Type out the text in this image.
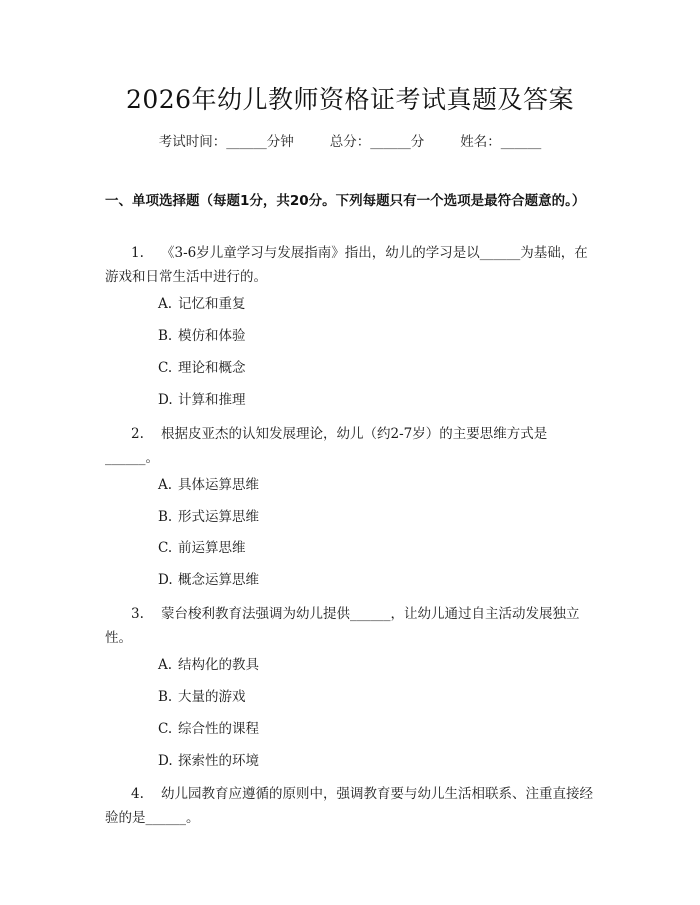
2026年幼儿教师资格证考试真题及答案
考试时间：______分钟	总分：______分	姓名：______
一、单项选择题（每题1分，共20分。下列每题只有一个选项是最符合题意的。）
1. 《3-6岁儿童学习与发展指南》指出，幼儿的学习是以______为基础，在游戏和日常生活中进行的。
A. 记忆和重复
B. 模仿和体验
C. 理论和概念
D. 计算和推理
2. 根据皮亚杰的认知发展理论，幼儿（约2-7岁）的主要思维方式是______。
A. 具体运算思维
B. 形式运算思维
C. 前运算思维
D. 概念运算思维
3. 蒙台梭利教育法强调为幼儿提供______，让幼儿通过自主活动发展独立性。
A. 结构化的教具
B. 大量的游戏
C. 综合性的课程
D. 探索性的环境
4. 幼儿园教育应遵循的原则中，强调教育要与幼儿生活相联系、注重直接经验的是______。
